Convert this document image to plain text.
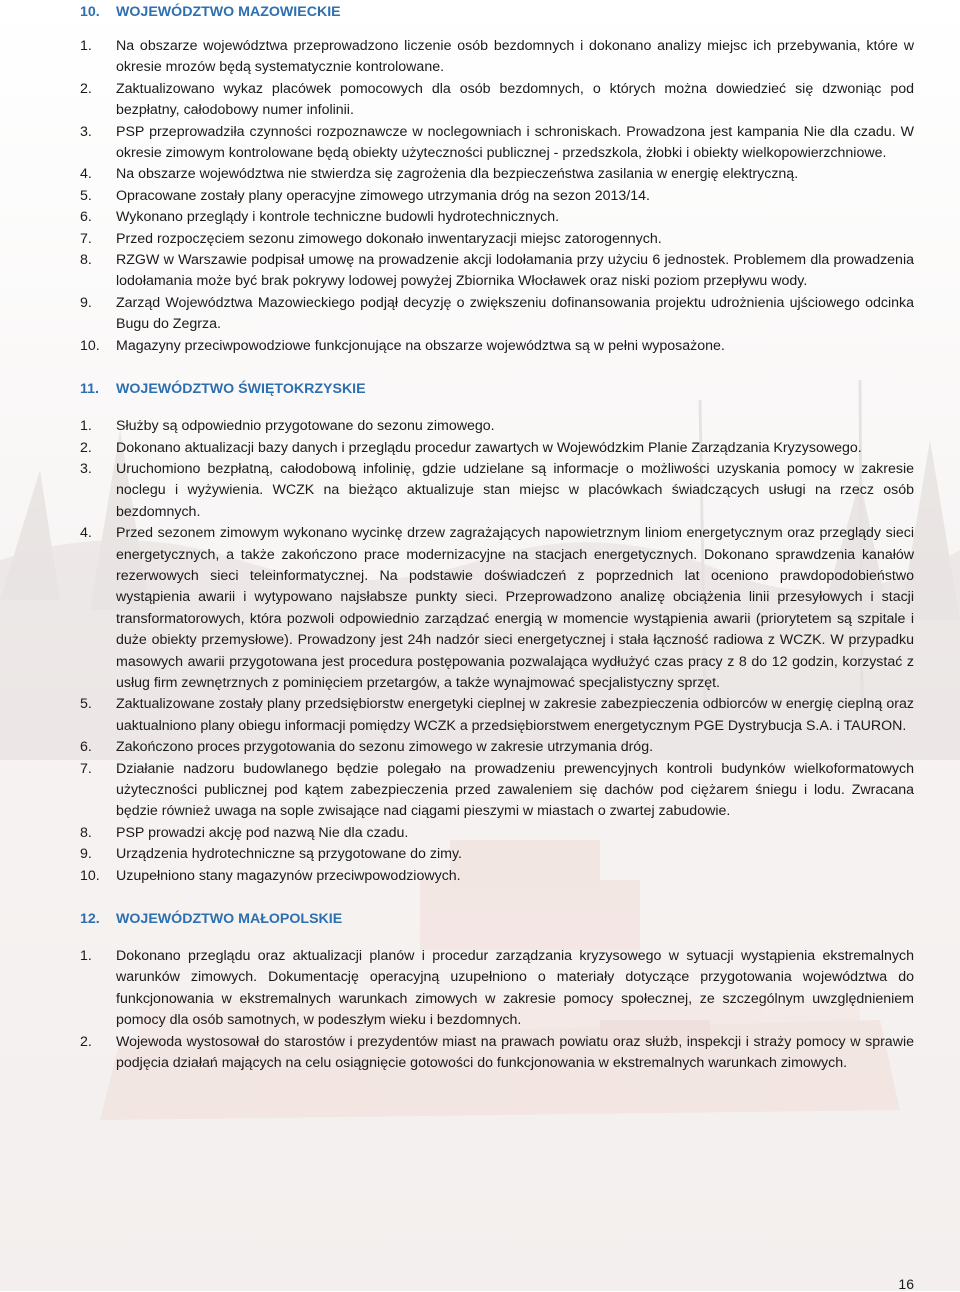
10.	WOJEWÓDZTWO MAZOWIECKIE
1.	Na obszarze województwa przeprowadzono liczenie osób bezdomnych i dokonano analizy miejsc ich przebywania, które w okresie mrozów będą systematycznie kontrolowane.
2.	Zaktualizowano wykaz placówek pomocowych dla osób bezdomnych, o których można dowiedzieć się dzwoniąc pod bezpłatny, całodobowy numer infolinii.
3.	PSP przeprowadziła czynności rozpoznawcze w noclegowniach i schroniskach. Prowadzona jest kampania Nie dla czadu. W okresie zimowym kontrolowane będą obiekty użyteczności publicznej - przedszkola, żłobki i obiekty wielkopowierzchniowe.
4.	Na obszarze województwa nie stwierdza się zagrożenia dla bezpieczeństwa zasilania w energię elektryczną.
5.	Opracowane zostały plany operacyjne zimowego utrzymania dróg na sezon 2013/14.
6.	Wykonano przeglądy i kontrole techniczne budowli hydrotechnicznych.
7.	Przed rozpoczęciem sezonu zimowego dokonało inwentaryzacji miejsc zatorogennych.
8.	RZGW w Warszawie podpisał umowę na prowadzenie akcji lodołamania przy użyciu 6 jednostek. Problemem dla prowadzenia lodołamania może być brak pokrywy lodowej powyżej Zbiornika Włocławek oraz niski poziom przepływu wody.
9.	Zarząd Województwa Mazowieckiego podjął decyzję o zwiększeniu dofinansowania projektu udrożnienia ujściowego odcinka Bugu do Zegrza.
10.	Magazyny przeciwpowodziowe funkcjonujące na obszarze województwa są w pełni wyposażone.
11.	WOJEWÓDZTWO ŚWIĘTOKRZYSKIE
1.	Służby są odpowiednio przygotowane do sezonu zimowego.
2.	Dokonano aktualizacji bazy danych i przeglądu procedur zawartych w Wojewódzkim Planie Zarządzania Kryzysowego.
3.	Uruchomiono bezpłatną, całodobową infolinię, gdzie udzielane są informacje o możliwości uzyskania pomocy w zakresie noclegu i wyżywienia. WCZK na bieżąco aktualizuje stan miejsc w placówkach świadczących usługi na rzecz osób bezdomnych.
4.	Przed sezonem zimowym wykonano wycinkę drzew zagrażających napowietrznym liniom energetycznym oraz przeglądy sieci energetycznych, a także zakończono prace modernizacyjne na stacjach energetycznych. Dokonano sprawdzenia kanałów rezerwowych sieci teleinformatycznej. Na podstawie doświadczeń z poprzednich lat oceniono prawdopodobieństwo wystąpienia awarii i wytypowano najsłabsze punkty sieci. Przeprowadzono analizę obciążenia linii przesyłowych i stacji transformatorowych, która pozwoli odpowiednio zarządzać energią w momencie wystąpienia awarii (priorytetem są szpitale i duże obiekty przemysłowe). Prowadzony jest 24h nadzór sieci energetycznej i stała łączność radiowa z WCZK. W przypadku masowych awarii przygotowana jest procedura postępowania pozwalająca wydłużyć czas pracy z 8 do 12 godzin, korzystać z usług firm zewnętrznych z pominięciem przetargów, a także wynajmować specjalistyczny sprzęt.
5.	Zaktualizowane zostały plany przedsiębiorstw energetyki cieplnej w zakresie zabezpieczenia odbiorców w energię cieplną oraz uaktualniono plany obiegu informacji pomiędzy WCZK a przedsiębiorstwem energetycznym PGE Dystrybucja S.A. i TAURON.
6.	Zakończono proces przygotowania do sezonu zimowego w zakresie utrzymania dróg.
7.	Działanie nadzoru budowlanego będzie polegało na prowadzeniu prewencyjnych kontroli budynków wielkoformatowych użyteczności publicznej pod kątem zabezpieczenia przed zawaleniem się dachów pod ciężarem śniegu i lodu. Zwracana będzie również uwaga na sople zwisające nad ciągami pieszymi w miastach o zwartej zabudowie.
8.	PSP prowadzi akcję pod nazwą Nie dla czadu.
9.	Urządzenia hydrotechniczne są przygotowane do zimy.
10.	Uzupełniono stany magazynów przeciwpowodziowych.
12.	WOJEWÓDZTWO MAŁOPOLSKIE
1.	Dokonano przeglądu oraz aktualizacji planów i procedur zarządzania kryzysowego w sytuacji wystąpienia ekstremalnych warunków zimowych. Dokumentację operacyjną uzupełniono o materiały dotyczące przygotowania województwa do funkcjonowania w ekstremalnych warunkach zimowych w zakresie pomocy społecznej, ze szczególnym uwzględnieniem pomocy dla osób samotnych, w podeszłym wieku i bezdomnych.
2.	Wojewoda wystosował do starostów i prezydentów miast na prawach powiatu oraz służb, inspekcji i straży pomocy w sprawie podjęcia działań mających na celu osiągnięcie gotowości do funkcjonowania w ekstremalnych warunkach zimowych.
16
